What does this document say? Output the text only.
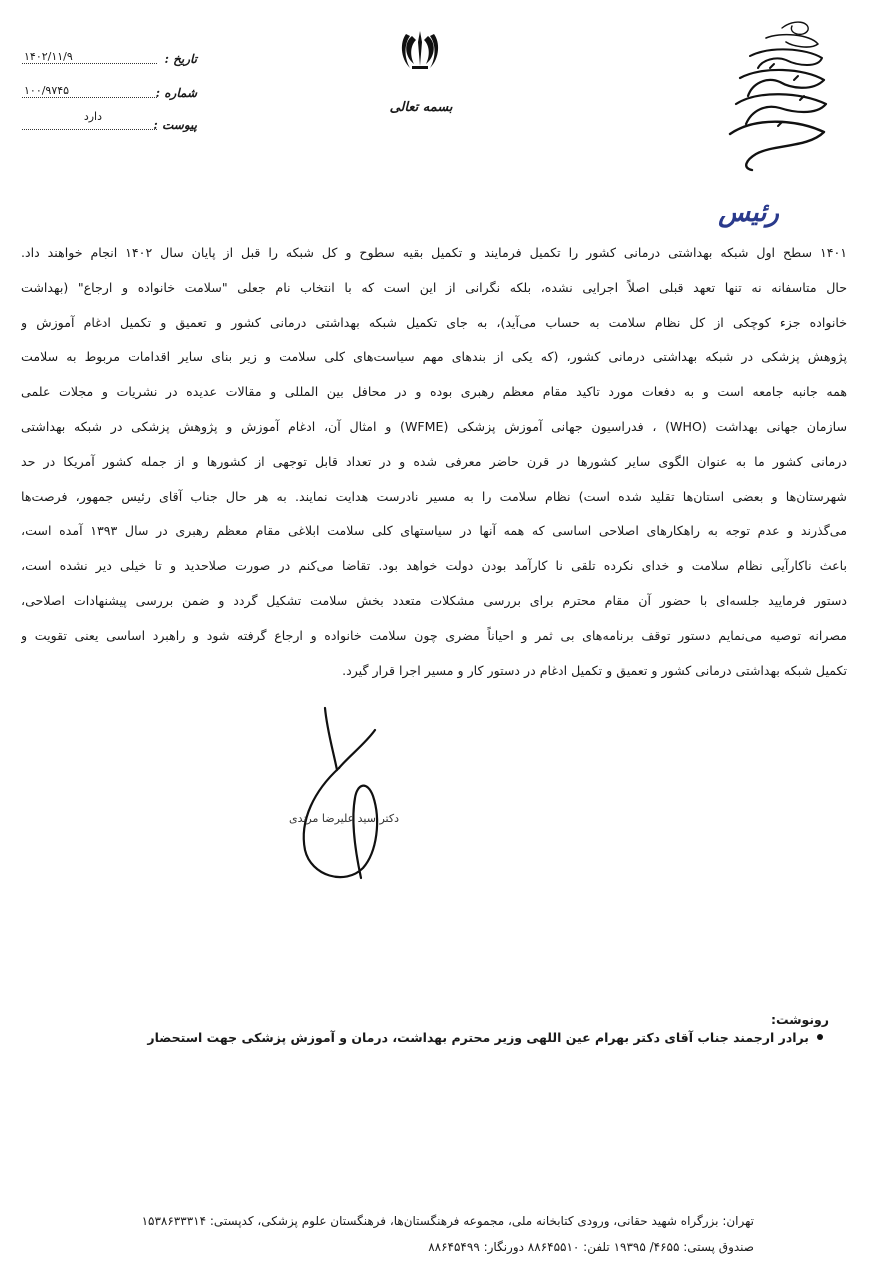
بسمه تعالی
تاریخ :
۱۴۰۲/۱۱/۹
شماره :
۱۰۰/۹۷۴۵
پیوست :
دارد
رئیس
۱۴۰۱ سطح اول شبکه بهداشتی درمانی کشور را تکمیل فرمایند و تکمیل بقیه سطوح و کل شبکه را قبل از پایان سال ۱۴۰۲ انجام خواهند داد.
حال متاسفانه نه تنها تعهد قبلی اصلاً اجرایی نشده، بلکه نگرانی از این است که با انتخاب نام جعلی "سلامت خانواده و ارجاع" (بهداشت
خانواده جزء کوچکی از کل نظام سلامت به حساب می‌آید)، به جای تکمیل شبکه بهداشتی درمانی کشور و تعمیق و تکمیل ادغام آموزش و
پژوهش پزشکی در شبکه بهداشتی درمانی کشور، (که یکی از بندهای مهم سیاست‌های کلی سلامت و زیر بنای سایر اقدامات مربوط به سلامت
همه جانبه جامعه است و به دفعات مورد تاکید مقام معظم رهبری بوده و در محافل بین المللی و مقالات عدیده در نشریات و مجلات علمی
سازمان جهانی بهداشت (WHO) ، فدراسیون جهانی آموزش پزشکی (WFME) و امثال آن، ادغام آموزش و پژوهش پزشکی در شبکه بهداشتی
درمانی کشور ما به عنوان الگوی سایر کشورها در قرن حاضر معرفی شده و در تعداد قابل توجهی از کشورها و از جمله کشور آمریکا در حد
شهرستان‌ها و بعضی استان‌ها تقلید شده است) نظام سلامت را به مسیر نادرست هدایت نمایند. به هر حال جناب آقای رئیس جمهور، فرصت‌ها
می‌گذرند و عدم توجه به راهکارهای اصلاحی اساسی که همه آنها در سیاستهای کلی سلامت ابلاغی مقام معظم رهبری در سال ۱۳۹۳ آمده است،
باعث ناکارآیی نظام سلامت و خدای نکرده تلقی نا کارآمد بودن دولت خواهد بود. تقاضا می‌کنم در صورت صلاحدید و تا خیلی دیر نشده است،
دستور فرمایید جلسه‌ای با حضور آن مقام محترم برای بررسی مشکلات متعدد بخش سلامت تشکیل گردد و ضمن بررسی پیشنهادات اصلاحی،
مصرانه توصیه می‌نمایم دستور توقف برنامه‌های بی ثمر و احیاناً مضری چون سلامت خانواده و ارجاع گرفته شود و راهبرد اساسی یعنی تقویت و
تکمیل شبکه بهداشتی درمانی کشور و تعمیق و تکمیل ادغام در دستور کار و مسیر اجرا قرار گیرد.
دکتر سید علیرضا مرندی
رونوشت:
برادر ارجمند جناب آقای دکتر بهرام عین اللهی وزیر محترم بهداشت، درمان و آموزش پزشکی جهت استحضار
تهران: بزرگراه شهید حقانی، ورودی کتابخانه ملی، مجموعه فرهنگستان‌ها، فرهنگستان علوم پزشکی، کدپستی: ۱۵۳۸۶۳۳۳۱۴
صندوق پستی: ۴۶۵۵/ ۱۹۳۹۵ تلفن: ۸۸۶۴۵۵۱۰ دورنگار: ۸۸۶۴۵۴۹۹
